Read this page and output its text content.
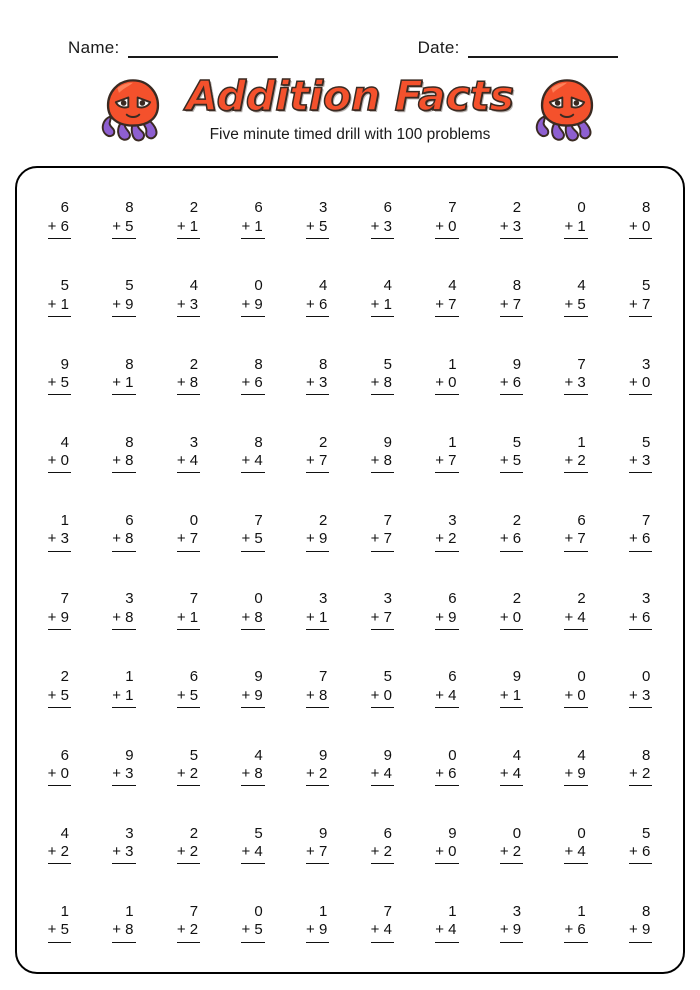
Name:	Date:
Addition Facts
Five minute timed drill with 100 problems
6
+ 6
8
+ 5
2
+ 1
6
+ 1
3
+ 5
6
+ 3
7
+ 0
2
+ 3
0
+ 1
8
+ 0
5
+ 1
5
+ 9
4
+ 3
0
+ 9
4
+ 6
4
+ 1
4
+ 7
8
+ 7
4
+ 5
5
+ 7
9
+ 5
8
+ 1
2
+ 8
8
+ 6
8
+ 3
5
+ 8
1
+ 0
9
+ 6
7
+ 3
3
+ 0
4
+ 0
8
+ 8
3
+ 4
8
+ 4
2
+ 7
9
+ 8
1
+ 7
5
+ 5
1
+ 2
5
+ 3
1
+ 3
6
+ 8
0
+ 7
7
+ 5
2
+ 9
7
+ 7
3
+ 2
2
+ 6
6
+ 7
7
+ 6
7
+ 9
3
+ 8
7
+ 1
0
+ 8
3
+ 1
3
+ 7
6
+ 9
2
+ 0
2
+ 4
3
+ 6
2
+ 5
1
+ 1
6
+ 5
9
+ 9
7
+ 8
5
+ 0
6
+ 4
9
+ 1
0
+ 0
0
+ 3
6
+ 0
9
+ 3
5
+ 2
4
+ 8
9
+ 2
9
+ 4
0
+ 6
4
+ 4
4
+ 9
8
+ 2
4
+ 2
3
+ 3
2
+ 2
5
+ 4
9
+ 7
6
+ 2
9
+ 0
0
+ 2
0
+ 4
5
+ 6
1
+ 5
1
+ 8
7
+ 2
0
+ 5
1
+ 9
7
+ 4
1
+ 4
3
+ 9
1
+ 6
8
+ 9
